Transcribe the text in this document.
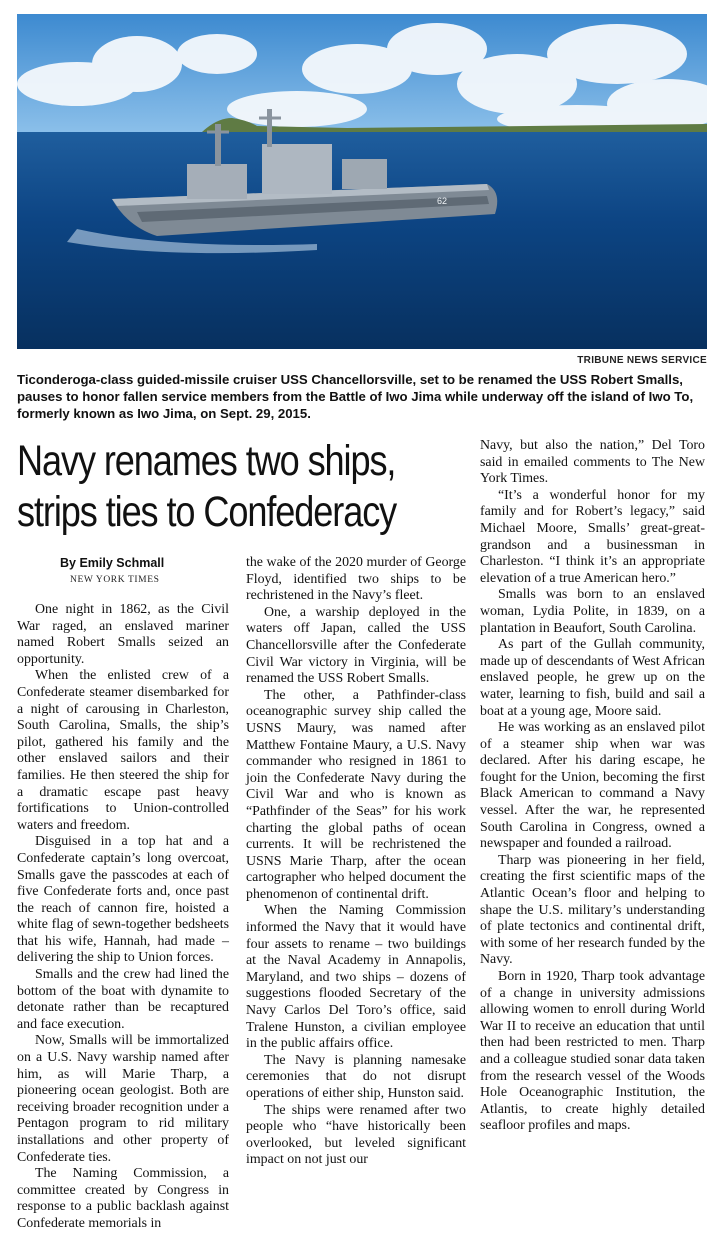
62
TRIBUNE NEWS SERVICE
Ticonderoga-class guided-missile cruiser USS Chancellorsville, set to be renamed the USS Robert Smalls, pauses to honor fallen service members from the Battle of Iwo Jima while underway off the island of Iwo To, formerly known as Iwo Jima, on Sept. 29, 2015.
Navy renames two ships,
strips ties to Confederacy
By Emily Schmall
NEW YORK TIMES

One night in 1862, as the Civil War raged, an enslaved mariner named Robert Smalls seized an opportunity.

When the enlisted crew of a Confederate steamer disembarked for a night of carousing in Charleston, South Carolina, Smalls, the ship’s pilot, gathered his family and the other enslaved sailors and their families. He then steered the ship for a dramatic escape past heavy fortifications to Union-controlled waters and freedom.

Disguised in a top hat and a Confederate captain’s long overcoat, Smalls gave the passcodes at each of five Confederate forts and, once past the reach of cannon fire, hoisted a white flag of sewn-together bedsheets that his wife, Hannah, had made – delivering the ship to Union forces.

Smalls and the crew had lined the bottom of the boat with dynamite to detonate rather than be recaptured and face execution.

Now, Smalls will be immortalized on a U.S. Navy warship named after him, as will Marie Tharp, a pioneering ocean geologist. Both are receiving broader recognition under a Pentagon program to rid military installations and other property of Confederate ties.

The Naming Commission, a committee created by Congress in response to a public backlash against Confederate memorials in

the wake of the 2020 murder of George Floyd, identified two ships to be rechristened in the Navy’s fleet.

One, a warship deployed in the waters off Japan, called the USS Chancellorsville after the Confederate Civil War victory in Virginia, will be renamed the USS Robert Smalls.

The other, a Pathfinder-class oceanographic survey ship called the USNS Maury, was named after Matthew Fontaine Maury, a U.S. Navy commander who resigned in 1861 to join the Confederate Navy during the Civil War and who is known as “Pathfinder of the Seas” for his work charting the global paths of ocean currents. It will be rechristened the USNS Marie Tharp, after the ocean cartographer who helped document the phenomenon of continental drift.

When the Naming Commission informed the Navy that it would have four assets to rename – two buildings at the Naval Academy in Annapolis, Maryland, and two ships – dozens of suggestions flooded Secretary of the Navy Carlos Del Toro’s office, said Tralene Hunston, a civilian employee in the public affairs office.

The Navy is planning namesake ceremonies that do not disrupt operations of either ship, Hunston said.

The ships were renamed after two people who “have historically been overlooked, but leveled significant impact on not just our

Navy, but also the nation,” Del Toro said in emailed comments to The New York Times.

“It’s a wonderful honor for my family and for Robert’s legacy,” said Michael Moore, Smalls’ great-great-grandson and a businessman in Charleston. “I think it’s an appropriate elevation of a true American hero.”

Smalls was born to an enslaved woman, Lydia Polite, in 1839, on a plantation in Beaufort, South Carolina.

As part of the Gullah community, made up of descendants of West African enslaved people, he grew up on the water, learning to fish, build and sail a boat at a young age, Moore said.

He was working as an enslaved pilot of a steamer ship when war was declared. After his daring escape, he fought for the Union, becoming the first Black American to command a Navy vessel. After the war, he represented South Carolina in Congress, owned a newspaper and founded a railroad.

Tharp was pioneering in her field, creating the first scientific maps of the Atlantic Ocean’s floor and helping to shape the U.S. military’s understanding of plate tectonics and continental drift, with some of her research funded by the Navy.

Born in 1920, Tharp took advantage of a change in university admissions allowing women to enroll during World War II to receive an education that until then had been restricted to men. Tharp and a colleague studied sonar data taken from the research vessel of the Woods Hole Oceanographic Institution, the Atlantis, to create highly detailed seafloor profiles and maps.
